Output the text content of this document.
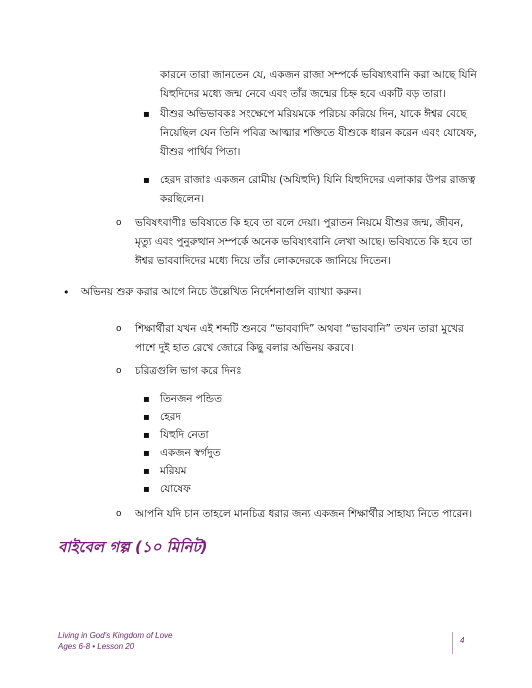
কারনে তারা জানতেন যে, একজন রাজা সম্পর্কে ভবিষ্যৎবানি করা আছে যিনি যিহুদিদের মধ্যে জন্ম নেবে এবং তাঁর জন্মের চিহ্ন হবে একটি বড় তারা।

▪ যীশুর অভিভাবকঃ সংক্ষেপে মরিয়মকে পরিচয় করিয়ে দিন, যাকে ঈশ্বর বেছে নিয়েছিল যেন তিনি পবিত্র আত্মার শক্তিতে যীশুকে ধারন করেন এবং যোষেফ, যীশুর পার্থিব পিতা।

▪ হেরদ রাজাঃ একজন রোমীয় (অযিহুদি) যিনি যিহুদিদের এলাকার উপর রাজত্ব করছিলেন।

o ভবিষৎবাণীঃ ভবিষ্যতে কি হবে তা বলে দেয়া। পুরাতন নিয়মে যীশুর জন্ম, জীবন, মৃত্যু এবং পুনুরুত্থান সম্পর্কে অনেক ভবিষ্যৎবানি লেখা আছে। ভবিষ্যতে কি হবে তা ঈশ্বর ভাববাদিদের মধ্যে দিয়ে তাঁর লোকদেরকে জানিয়ে দিতেন।

• অভিনয় শুরু করার আগে নিচে উল্লেখিত নির্দেশনাগুলি ব্যাখ্যা করুন।

o শিক্ষার্থীরা যখন এই শব্দটি শুনবে “ভাববাদি” অথবা “ভাববানি” তখন তারা মুখের পাশে দুই হাত রেখে জোরে কিছু বলার অভিনয় করবে।

o চরিত্রগুলি ভাগ করে দিনঃ

▪ তিনজন পন্ডিত
▪ হেরদ
▪ যিহুদি নেতা
▪ একজন স্বর্গদুত
▪ মরিয়ম
▪ যোষেফ
o আপনি যদি চান তাহলে মানচিত্র ধরার জন্য একজন শিক্ষার্থীর সাহায্য নিতে পারেন।

বাইবেল গল্প (১০ মিনিট)
Living in God's Kingdom of Love
Ages 6-8 • Lesson 20
4
